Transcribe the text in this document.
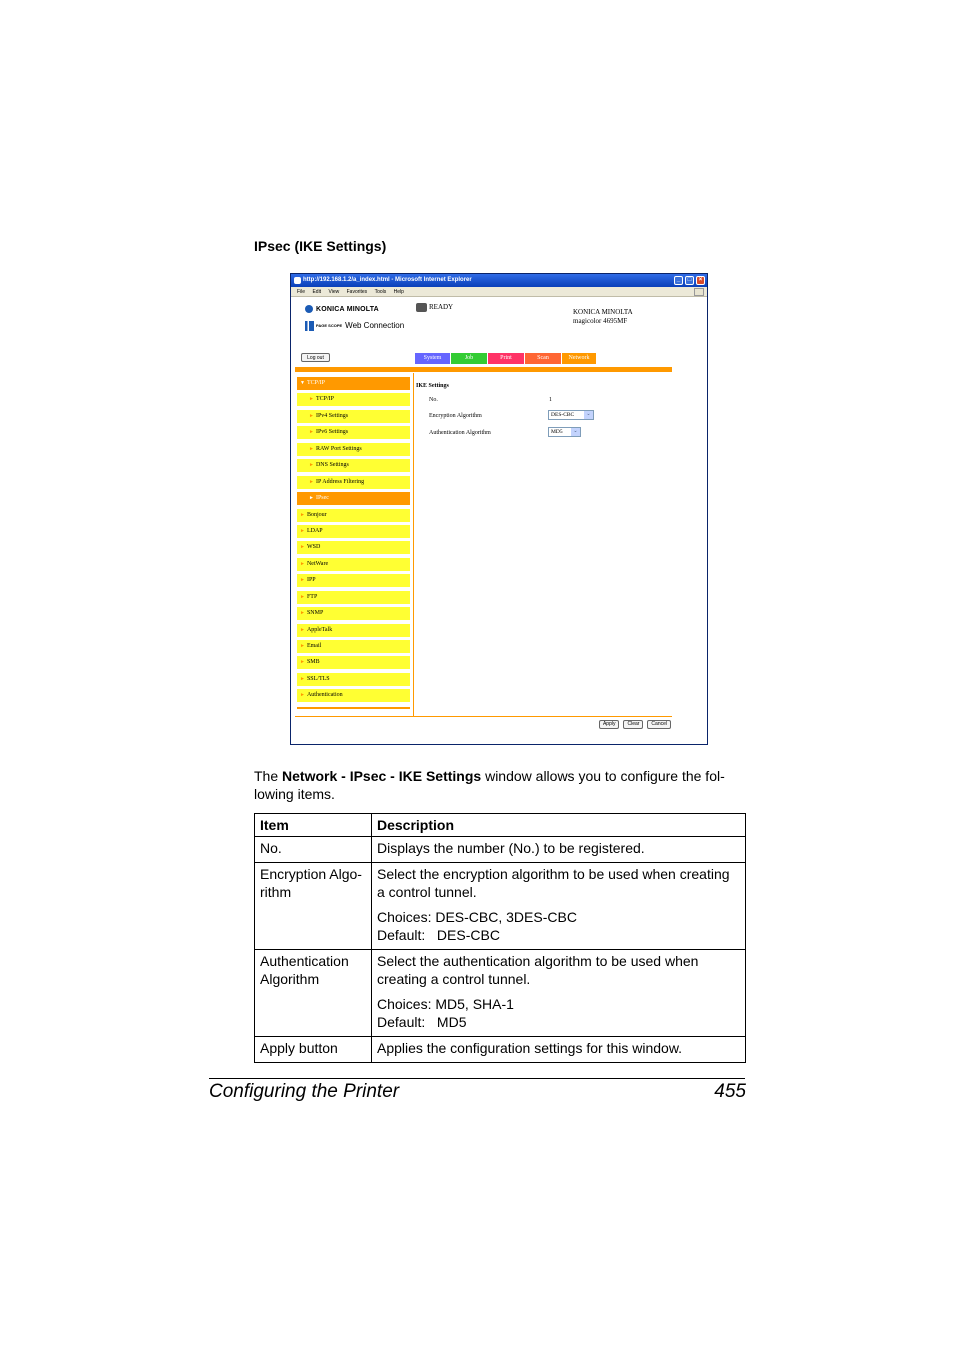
IPsec (IKE Settings)
http://192.168.1.2/a_index.html - Microsoft Internet Explorer	_	□	×
File Edit View Favorites Tools Help
KONICA MINOLTA
PAGE SCOPE Web Connection
READY
KONICA MINOLTA
magicolor 4695MF
Log out	System	Job	Print	Scan	Network
▼ TCP/IP
► TCP/IP
► IPv4 Settings
► IPv6 Settings
► RAW Port Settings
► DNS Settings
► IP Address Filtering
► IPsec
► Bonjour
► LDAP
► WSD
► NetWare
► IPP
► FTP
► SNMP
► AppleTalk
► Email
► SMB
► SSL/TLS
► Authentication
IKE Settings
No.	1
Encryption Algorithm	DES-CBC	⌄
Authentication Algorithm	MD5	⌄
Apply	Clear	Cancel
The Network - IPsec - IKE Settings window allows you to configure the fol-lowing items.
Item	Description
No.	Displays the number (No.) to be registered.
Encryption Algo-rithm	Select the encryption algorithm to be used when creating a control tunnel.
Choices: DES-CBC, 3DES-CBC
Default:   DES-CBC

Authentication Algorithm	Select the authentication algorithm to be used when creating a control tunnel.
Choices: MD5, SHA-1
Default:   MD5

Apply button	Applies the configuration settings for this window.
Configuring the Printer	455
